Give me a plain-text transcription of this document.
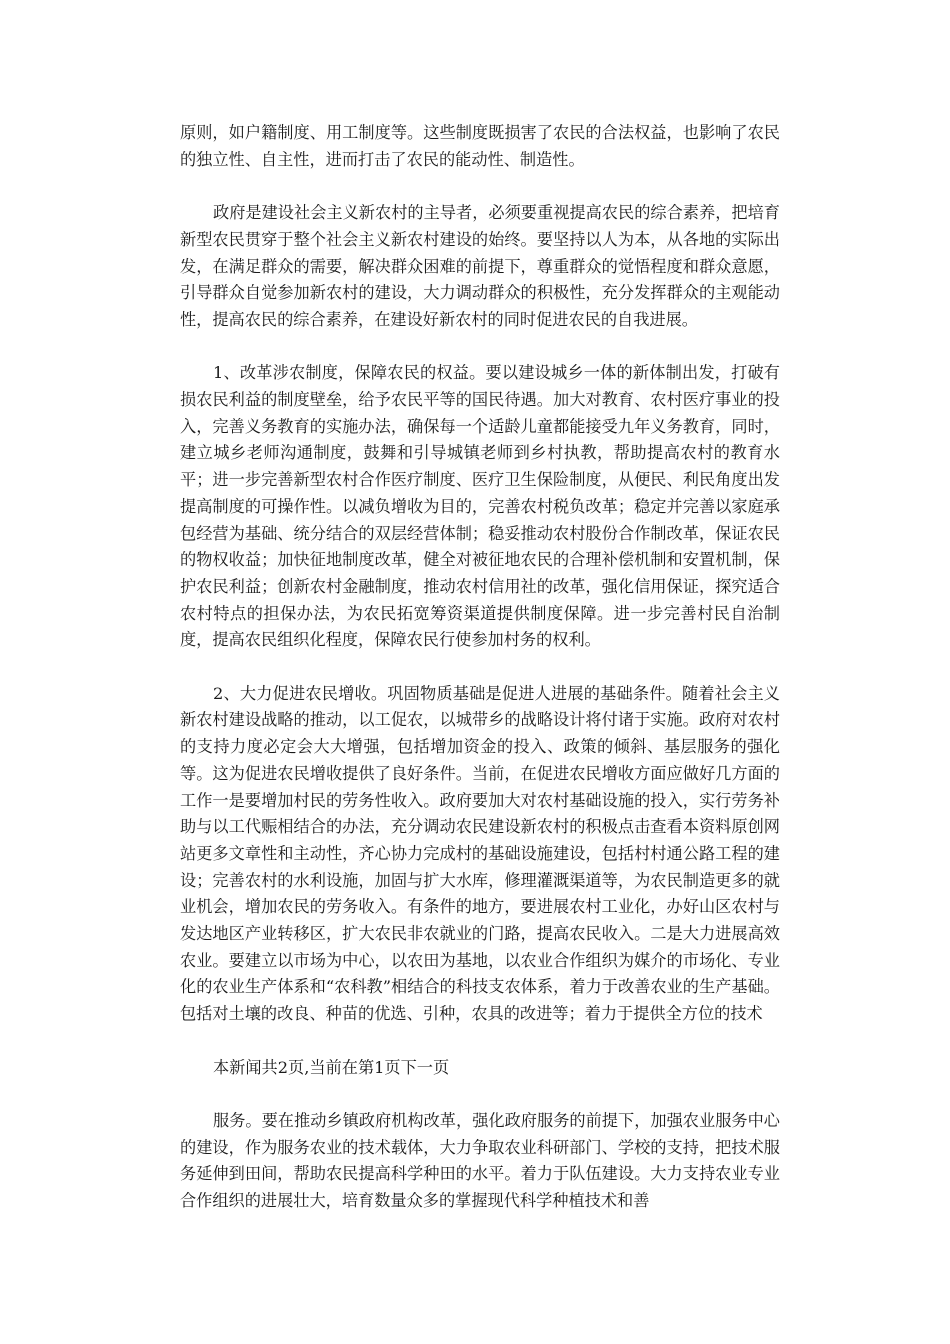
原则，如户籍制度、用工制度等。这些制度既损害了农民的合法权益，也影响了农民的独立性、自主性，进而打击了农民的能动性、制造性。

政府是建设社会主义新农村的主导者，必须要重视提高农民的综合素养，把培育新型农民贯穿于整个社会主义新农村建设的始终。要坚持以人为本，从各地的实际出发，在满足群众的需要，解决群众困难的前提下，尊重群众的觉悟程度和群众意愿，引导群众自觉参加新农村的建设，大力调动群众的积极性，充分发挥群众的主观能动性，提高农民的综合素养，在建设好新农村的同时促进农民的自我进展。

1、改革涉农制度，保障农民的权益。要以建设城乡一体的新体制出发，打破有损农民利益的制度壁垒，给予农民平等的国民待遇。加大对教育、农村医疗事业的投入，完善义务教育的实施办法，确保每一个适龄儿童都能接受九年义务教育，同时，建立城乡老师沟通制度，鼓舞和引导城镇老师到乡村执教，帮助提高农村的教育水平；进一步完善新型农村合作医疗制度、医疗卫生保险制度，从便民、利民角度出发提高制度的可操作性。以减负增收为目的，完善农村税负改革；稳定并完善以家庭承包经营为基础、统分结合的双层经营体制；稳妥推动农村股份合作制改革，保证农民的物权收益；加快征地制度改革，健全对被征地农民的合理补偿机制和安置机制，保护农民利益；创新农村金融制度，推动农村信用社的改革，强化信用保证，探究适合农村特点的担保办法，为农民拓宽筹资渠道提供制度保障。进一步完善村民自治制度，提高农民组织化程度，保障农民行使参加村务的权利。

2、大力促进农民增收。巩固物质基础是促进人进展的基础条件。随着社会主义新农村建设战略的推动，以工促农，以城带乡的战略设计将付诸于实施。政府对农村的支持力度必定会大大增强，包括增加资金的投入、政策的倾斜、基层服务的强化等。这为促进农民增收提供了良好条件。当前，在促进农民增收方面应做好几方面的工作一是要增加村民的劳务性收入。政府要加大对农村基础设施的投入，实行劳务补助与以工代赈相结合的办法，充分调动农民建设新农村的积极点击查看本资料原创网站更多文章性和主动性，齐心协力完成村的基础设施建设，包括村村通公路工程的建设；完善农村的水利设施，加固与扩大水库，修理灌溉渠道等，为农民制造更多的就业机会，增加农民的劳务收入。有条件的地方，要进展农村工业化，办好山区农村与发达地区产业转移区，扩大农民非农就业的门路，提高农民收入。二是大力进展高效农业。要建立以市场为中心，以农田为基地，以农业合作组织为媒介的市场化、专业化的农业生产体系和“农科教”相结合的科技支农体系，着力于改善农业的生产基础。包括对土壤的改良、种苗的优选、引种，农具的改进等；着力于提供全方位的技术

本新闻共2页,当前在第1页下一页

服务。要在推动乡镇政府机构改革，强化政府服务的前提下，加强农业服务中心的建设，作为服务农业的技术载体，大力争取农业科研部门、学校的支持，把技术服务延伸到田间，帮助农民提高科学种田的水平。着力于队伍建设。大力支持农业专业合作组织的进展壮大，培育数量众多的掌握现代科学种植技术和善
